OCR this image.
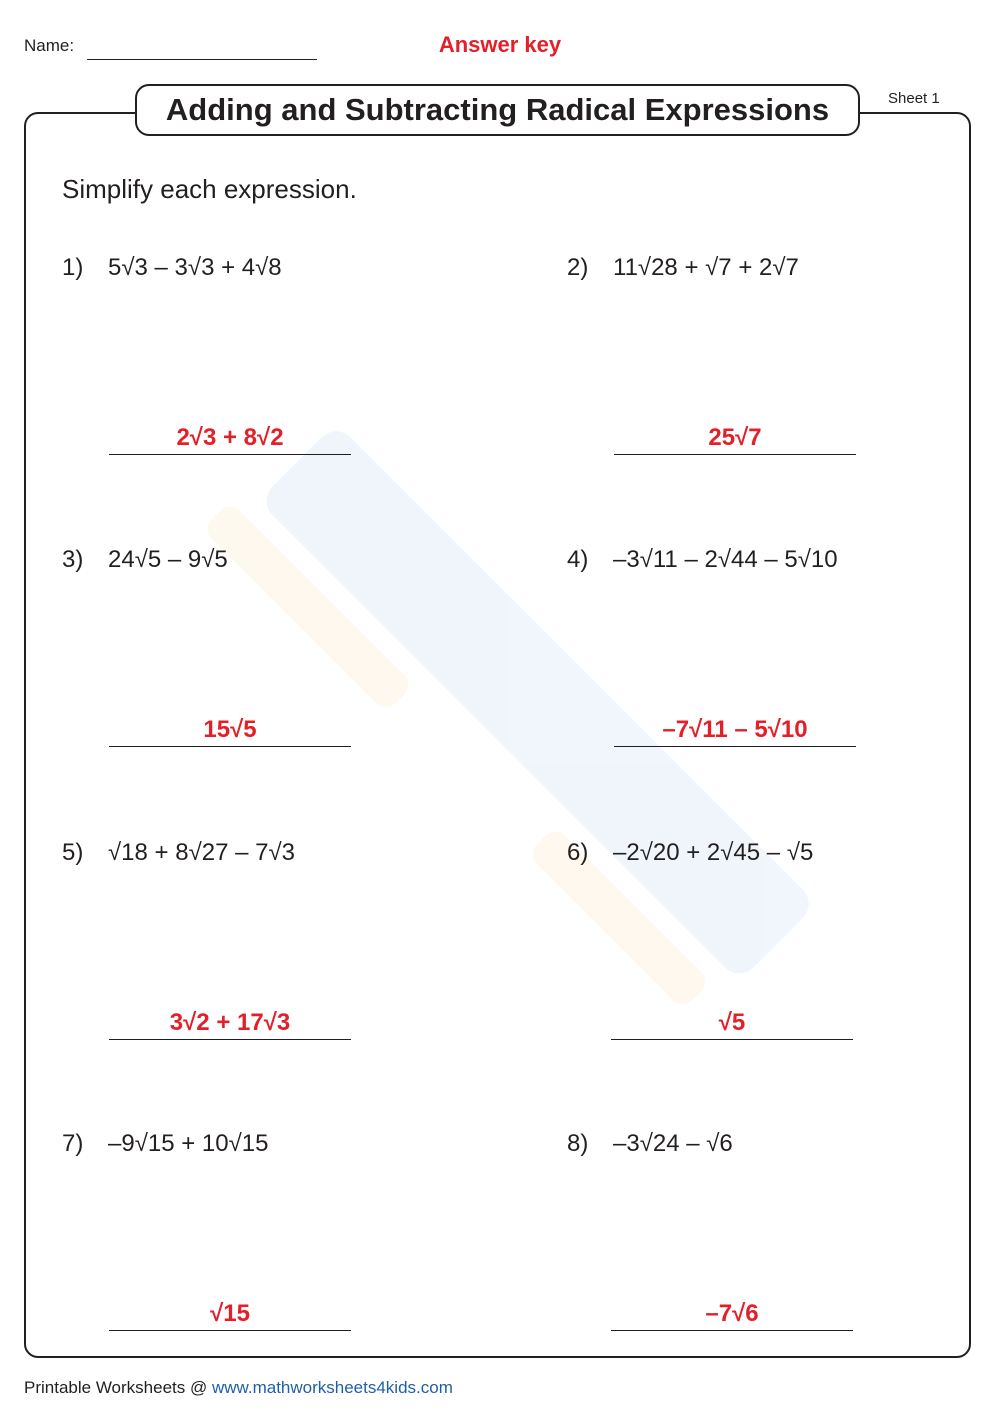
Name:	Answer key
Adding and Subtracting Radical Expressions	Sheet 1
Simplify each expression.
1) 5√3 – 3√3 + 4√8
2√3 + 8√2
2) 11√28 + √7 + 2√7
25√7
3) 24√5 – 9√5
15√5
4) –3√11 – 2√44 – 5√10
–7√11 – 5√10
5) √18 + 8√27 – 7√3
3√2 + 17√3
6) –2√20 + 2√45 – √5
√5
7) –9√15 + 10√15
√15
8) –3√24 – √6
–7√6
Printable Worksheets @ www.mathworksheets4kids.com
